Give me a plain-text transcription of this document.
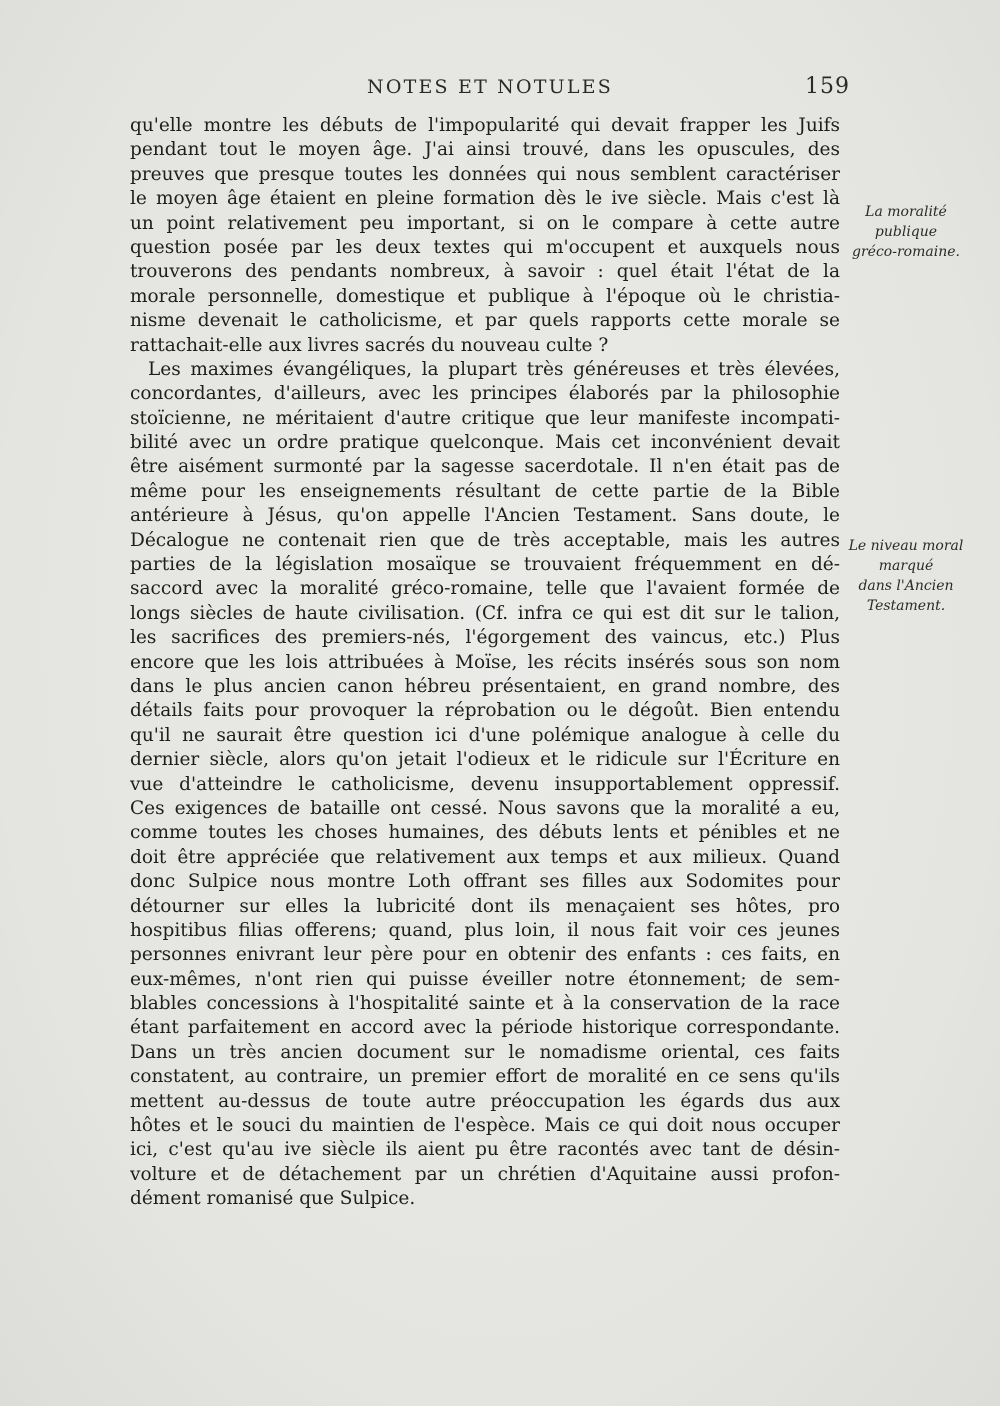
NOTES ET NOTULES	159
qu'elle montre les débuts de l'impopularité qui devait frapper les Juifs
pendant tout le moyen âge. J'ai ainsi trouvé, dans les opuscules, des
preuves que presque toutes les données qui nous semblent caractériser
le moyen âge étaient en pleine formation dès le ive siècle. Mais c'est là
un point relativement peu important, si on le compare à cette autre
question posée par les deux textes qui m'occupent et auxquels nous
trouverons des pendants nombreux, à savoir : quel était l'état de la
morale personnelle, domestique et publique à l'époque où le christia-
nisme devenait le catholicisme, et par quels rapports cette morale se
rattachait-elle aux livres sacrés du nouveau culte ?
Les maximes évangéliques, la plupart très généreuses et très élevées,
concordantes, d'ailleurs, avec les principes élaborés par la philosophie
stoïcienne, ne méritaient d'autre critique que leur manifeste incompati-
bilité avec un ordre pratique quelconque. Mais cet inconvénient devait
être aisément surmonté par la sagesse sacerdotale. Il n'en était pas de
même pour les enseignements résultant de cette partie de la Bible
antérieure à Jésus, qu'on appelle l'Ancien Testament. Sans doute, le
Décalogue ne contenait rien que de très acceptable, mais les autres
parties de la législation mosaïque se trouvaient fréquemment en dé-
saccord avec la moralité gréco-romaine, telle que l'avaient formée de
longs siècles de haute civilisation. (Cf. infra ce qui est dit sur le talion,
les sacrifices des premiers-nés, l'égorgement des vaincus, etc.) Plus
encore que les lois attribuées à Moïse, les récits insérés sous son nom
dans le plus ancien canon hébreu présentaient, en grand nombre, des
détails faits pour provoquer la réprobation ou le dégoût. Bien entendu
qu'il ne saurait être question ici d'une polémique analogue à celle du
dernier siècle, alors qu'on jetait l'odieux et le ridicule sur l'Écriture en
vue d'atteindre le catholicisme, devenu insupportablement oppressif.
Ces exigences de bataille ont cessé. Nous savons que la moralité a eu,
comme toutes les choses humaines, des débuts lents et pénibles et ne
doit être appréciée que relativement aux temps et aux milieux. Quand
donc Sulpice nous montre Loth offrant ses filles aux Sodomites pour
détourner sur elles la lubricité dont ils menaçaient ses hôtes, pro
hospitibus filias offerens; quand, plus loin, il nous fait voir ces jeunes
personnes enivrant leur père pour en obtenir des enfants : ces faits, en
eux-mêmes, n'ont rien qui puisse éveiller notre étonnement; de sem-
blables concessions à l'hospitalité sainte et à la conservation de la race
étant parfaitement en accord avec la période historique correspondante.
Dans un très ancien document sur le nomadisme oriental, ces faits
constatent, au contraire, un premier effort de moralité en ce sens qu'ils
mettent au-dessus de toute autre préoccupation les égards dus aux
hôtes et le souci du maintien de l'espèce. Mais ce qui doit nous occuper
ici, c'est qu'au ive siècle ils aient pu être racontés avec tant de désin-
volture et de détachement par un chrétien d'Aquitaine aussi profon-
dément romanisé que Sulpice.
La moralité
publique
gréco-romaine.
Le niveau moral
marqué
dans l'Ancien
Testament.
